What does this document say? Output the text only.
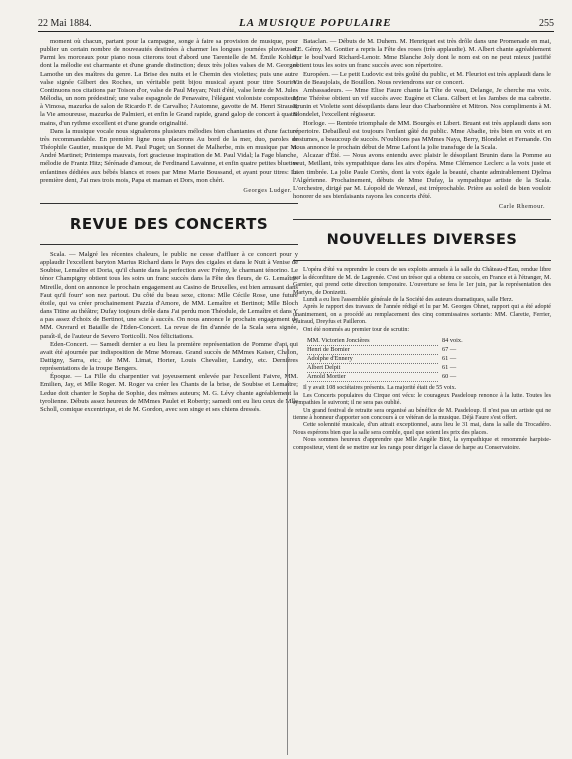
22 Mai 1884.	LA MUSIQUE POPULAIRE	255

moment où chacun, partant pour la campagne, songe à faire sa provision de musique, pour publier un certain nombre de nouveautés destinées à charmer les longues journées pluvieuses. Parmi les morceaux pour piano nous citerons tout d'abord une Tarentelle de M. Émile Kohler, dont la mélodie est charmante et d'une grande distinction; deux très jolies valses de M. Georges Lamothe un des maîtres du genre. La Brise des nuits et le Chemin des violettes; puis une autre valse signée Gilbert des Roches, un véritable petit bijou musical ayant pour titre Sourire. Continuons nos citations par Toison d'or, valse de Paul Meyan; Nuit d'été, valse lente de M. Jules Mélodia, un nom prédestiné; une valse espagnole de Penavaire, l'élégant violoniste compositeur; à Vimosa, mazurka de salon de Ricardo F. de Carvalho; l'Automne, gavotte de M. Henri Strauss; la Vie amoureuse, mazurka de Palmieri, et enfin le Grand rapide, grand galop de concert à quatre mains, d'un rythme excellent et d'une grande originalité.

Dans la musique vocale nous signalerons plusieurs mélodies bien chantantes et d'une facture très recommandable. En première ligne nous placerons Au bord de la mer, duo, paroles de Théophile Gautier, musique de M. Paul Puget; un Sonnet de Malherbe, mis en musique par M. André Martinet; Printemps mauvais, fort gracieuse inspiration de M. Paul Vidal; la Fage blanche, mélodie de Frantz Hitz; Sérénade d'amour, de Ferdinand Lavainne, et enfin quatre petites bluettes enfantines dédiées aux bébés blancs et roses par Mme Marie Boussand, et ayant pour titres: La première dent, J'ai mes trois mois, Papa et maman et Dors, mon chéri.

Georges Ludger.
REVUE DES CONCERTS

Scala. — Malgré les récentes chaleurs, le public ne cesse d'affluer à ce concert pour y applaudir l'excellent baryton Marius Richard dans le Pays des cigales et dans le Nuit à Venise de Soubise, Lemaître et Doria, qu'il chante dans la perfection avec Frémy, le charmant ténorino. Le ténor Champigny obtient tous les soirs un franc succès dans la Fête des fleurs, de G. Lemaître. Mireille, dont on annonce le prochain engagement au Casino de Bruxelles, est bien amusant dans Faut qu'il fourr' son nez partout. Du côté du beau sexe, citons: Mlle Cécile Rose, une future étoile, qui va créer prochainement Pazzia d'Amore, de MM. Lemaître et Bertinot; Mlle Bloch dans Titine au théâtre; Dufay toujours drôle dans J'ai perdu mon Théodule, de Lemaître et dans Y a pas assez d'choix de Bertinot, une scie à succès. On nous annonce le prochain engagement de MM. Ouvrard et Bataille de l'Eden-Concert. La revue de fin d'année de la Scala sera signée, paraît-il, de l'auteur de Severo Torticolli. Nos félicitations.

Eden-Concert. — Samedi dernier a eu lieu la première représentation de Pomme d'api qui avait été ajournée par indisposition de Mme Moreau. Grand succès de MMmes Kaiser, Chalon, Dattigny, Sarra, etc.; de MM. Limat, Horter, Louis Chevalier, Landry, etc. Dernières représentations de la troupe Bengers.

Époque. — La Fille du charpentier vat joyeusement enlevée par l'excellent Faivre, MM. Emilien, Jay, et Mlle Roger. M. Roger va créer les Chants de la brise, de Soubise et Lemaître; Ledue doit chanter le Sopha de Sophie, des mêmes auteurs; M. G. Lévy chante agréablement la tyrolienne. Débuts assez heureux de MMmes Paulet et Roberty; samedi ont eu lieu ceux de Mlle Scholl, comique excentrique, et de M. Gordon, avec son singe et ses chiens dressés.

Bataclan. — Débuts de M. Duhem. M. Henriquet est très drôle dans une Promenade en mai, d'E. Gémy. M. Gontier a repris la Fête des roses (très applaudie). M. Albert chante agréablement Sur le boul'vard Richard-Lenoir. Mme Blanche Joly dont le nom est on ne peut mieux justifié obtient tous les soirs un franc succès avec son répertoire.

Européen. — Le petit Ludovic est très goûté du public, et M. Fleuriot est très applaudi dans le Vin de Beaujolais, de Bouillon. Nous reviendrons sur ce concert.

Ambassadeurs. — Mme Elise Faure chante la Tête de veau, Delange, Je cherche ma voix. Mme Thérèse obtient un vif succès avec Eugène et Clara. Gilbert et les Jambes de ma cabrette. Brunin et Violette sont désopilants dans leur duo Charbonnière et Mitron. Nos compliments à M. Blondelet, l'excellent régisseur.

Horloge. — Rentrée triomphale de MM. Bourgès et Libert. Bruant est très applaudi dans son répertoire. Debailleul est toujours l'enfant gâté du public. Mme Abadie, très bien en voix et en costumes, a beaucoup de succès. N'oublions pas MMmes Naya, Berry, Blondelet et Fernande. On nous annonce le prochain début de Mme Lafont la jolie transfuge de la Scala.

Alcazar d'Été. — Nous avons entendu avec plaisir le désopilant Brunin dans la Pomme au veut, Meillant, très sympathique dans les airs d'opéra. Mme Clémence Leclerc a la voix juste et bien timbrée. La jolie Paule Cortès, dont la voix égale la beauté, chante admirablement Djelma l'Algérienne. Prochainement, débuts de Mme Dufay, la sympathique artiste de la Scala. L'orchestre, dirigé par M. Léopold de Wenzel, est irréprochable. Prière au soleil de bien vouloir honorer de ses bienfaisants rayons les concerts d'été.

Carle Rhemour.
NOUVELLES DIVERSES

L'opéra d'été va reprendre le cours de ses exploits annuels à la salle du Château-d'Eau, rendue libre par la déconfiture de M. de Lagrenée. C'est un trésor qui a obtenu ce succès, en France et à l'étranger, M. Garnier, qui prend cette direction temporaire. L'ouverture se fera le 1er juin, par la représentation des Martyrs, de Donizetti.

Lundi a eu lieu l'assemblée générale de la Société des auteurs dramatiques, salle Herz.

Après le rapport des travaux de l'année rédigé et lu par M. Georges Ohnet, rapport qui a été adopté unanimement, on a procédé au remplacement des cinq commissaires sortants: MM. Claretie, Ferrier, Guiraud, Dreyfus et Pailleron.

Ont été nommés au premier tour de scrutin:

MM. Victorien Joncières	84 voix.
Henri de Bornier	67 —
Adolphe d'Ennery	61 —
Albert Delpit	61 —
Arnold Mortier	60 —

Il y avait 108 sociétaires présents. La majorité était de 55 voix.

Les Concerts populaires du Cirque ont vécu: le courageux Pasdeloup renonce à la lutte. Toutes les sympathies le suivront; il ne sera pas oublié.

Un grand festival de retraite sera organisé au bénéfice de M. Pasdeloup. Il n'est pas un artiste qui ne tienne à honneur d'apporter son concours à ce vétéran de la musique. Déjà Faure s'est offert.

Cette solennité musicale, d'un attrait exceptionnel, aura lieu le 31 mai, dans la salle du Trocadéro. Nous espérons bien que la salle sera comble, quel que soient les prix des places.

Nous sommes heureux d'apprendre que Mlle Angèle Biot, la sympathique et renommée harpiste-compositeur, vient de se mettre sur les rangs pour diriger la classe de harpe au Conservatoire.
